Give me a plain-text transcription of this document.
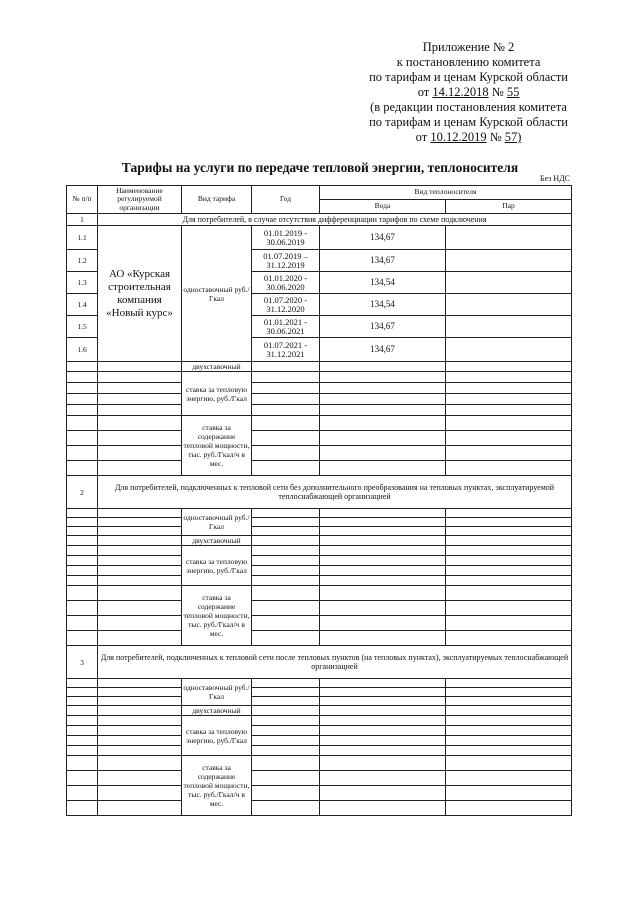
Приложение № 2
к постановлению комитета
по тарифам и ценам Курской области
от 14.12.2018 № 55
(в редакции постановления комитета
по тарифам и ценам Курской области
от 10.12.2019 № 57)
Тарифы на услуги по передаче тепловой энергии, теплоносителя
Без НДС
№ п/п	Наименование регулируемой организации	Вид тарифа	Год	Вид теплоносителя	
				Вода	Пар
1	Для потребителей, в случае отсутствия дифференциации тарифов по схеме подключения				
1.1	АО «Курская строительная компания «Новый курс»	одноставочный руб./Гкал	01.01.2019 - 30.06.2019	134,67	
1.2			01.07.2019 – 31.12.2019	134,67	
1.3			01.01.2020 - 30.06.2020	134,54	
1.4			01.07.2020 - 31.12.2020	134,54	
1.5			01.01.2021 - 30.06.2021	134,67	
1.6			01.07.2021 - 31.12.2021	134,67	
		двухставочный			
		ставка за тепловую энергию, руб./Гкал			

		ставка за содержание тепловой мощности, тыс. руб./Гкал/ч в мес.			

2	Для потребителей, подключенных к тепловой сети без дополнительного преобразования на тепловых пунктах, эксплуатируемой теплоснабжающей организацией				
		одноставочный руб./Гкал			

		двухставочный			
		ставка за тепловую энергию, руб./Гкал			

		ставка за содержание тепловой мощности, тыс. руб./Гкал/ч в мес.			

3	Для потребителей, подключенных к тепловой сети после тепловых пунктов (на тепловых пунктах), эксплуатируемых теплоснабжающей организацией				
		одноставочный руб./Гкал			

		двухставочный			
		ставка за тепловую энергию, руб./Гкал			

		ставка за содержание тепловой мощности, тыс. руб./Гкал/ч в мес.			
